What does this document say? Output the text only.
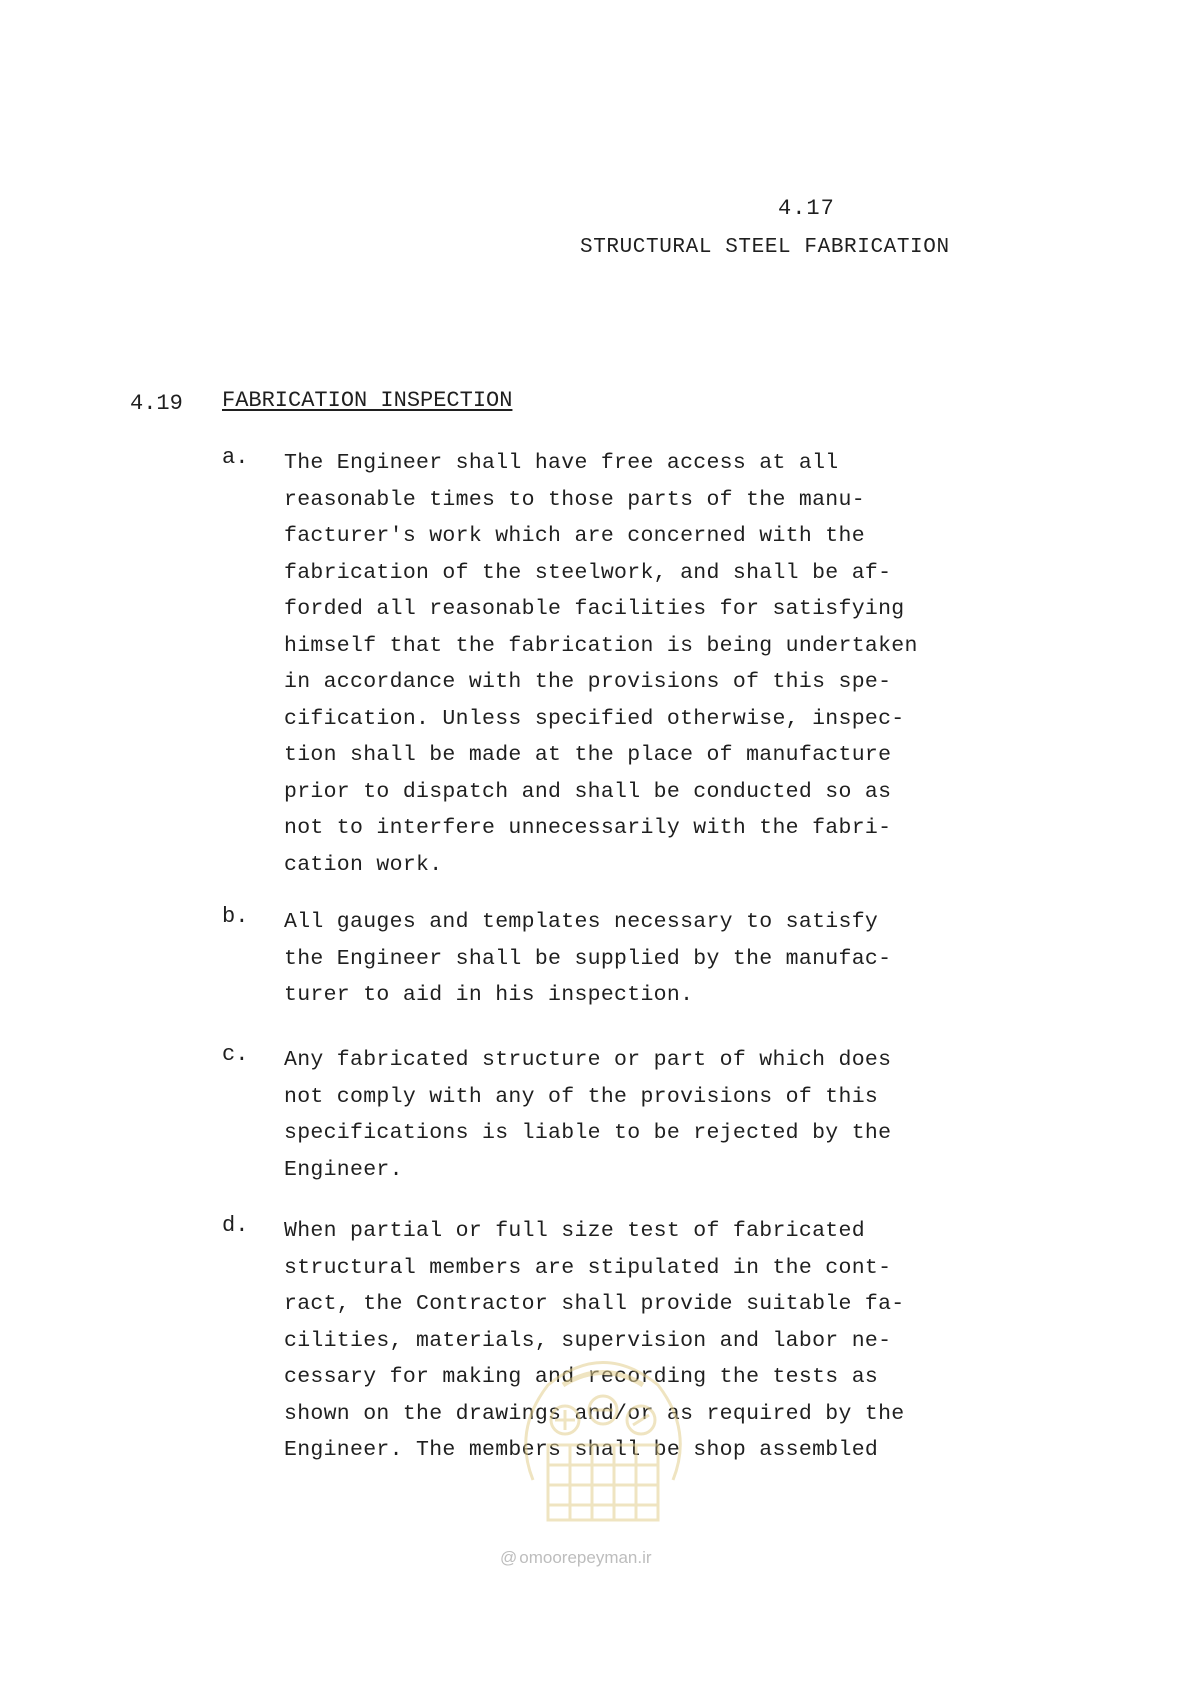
4.17
STRUCTURAL STEEL FABRICATION
4.19 FABRICATION INSPECTION
a.	The Engineer shall have free access at all
reasonable times to those parts of the manu-
facturer's work which are concerned with the
fabrication of the steelwork, and shall be af-
forded all reasonable facilities for satisfying
himself that the fabrication is being undertaken
in accordance with the provisions of this spe-
cification. Unless specified otherwise, inspec-
tion shall be made at the place of manufacture
prior to dispatch and shall be conducted so as
not to interfere unnecessarily with the fabri-
cation work.
b.	All gauges and templates necessary to satisfy
the Engineer shall be supplied by the manufac-
turer to aid in his inspection.
c.	Any fabricated structure or part of which does
not comply with any of the provisions of this
specifications is liable to be rejected by the
Engineer.
d.	When partial or full size test of fabricated
structural members are stipulated in the cont-
ract, the Contractor shall provide suitable fa-
cilities, materials, supervision and labor ne-
cessary for making and recording the tests as
shown on the drawings and/or as required by the
Engineer. The members shall be shop assembled
@ omoorepeyman.ir
